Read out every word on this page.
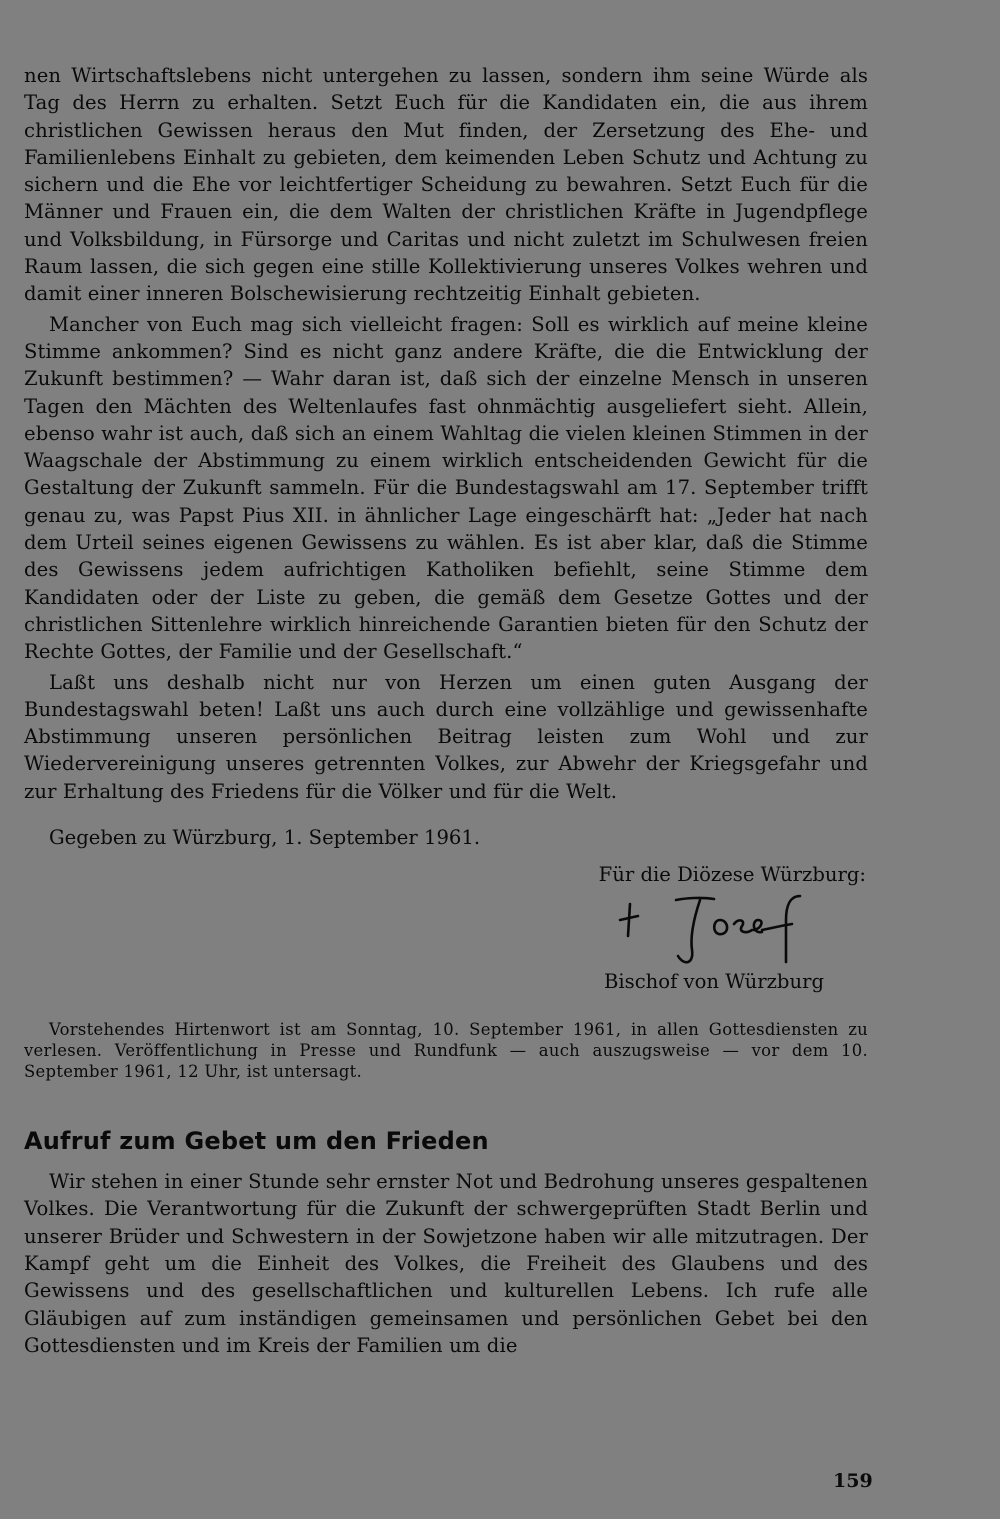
nen Wirtschaftslebens nicht untergehen zu lassen, sondern ihm seine Würde als Tag des Herrn zu erhalten. Setzt Euch für die Kandidaten ein, die aus ihrem christlichen Gewissen heraus den Mut finden, der Zersetzung des Ehe- und Familienlebens Einhalt zu gebieten, dem keimenden Leben Schutz und Achtung zu sichern und die Ehe vor leichtfertiger Scheidung zu bewahren. Setzt Euch für die Männer und Frauen ein, die dem Walten der christlichen Kräfte in Jugendpflege und Volksbildung, in Fürsorge und Caritas und nicht zuletzt im Schulwesen freien Raum lassen, die sich gegen eine stille Kollektivierung unseres Volkes wehren und damit einer inneren Bolschewisierung rechtzeitig Einhalt gebieten.

Mancher von Euch mag sich vielleicht fragen: Soll es wirklich auf meine kleine Stimme ankommen? Sind es nicht ganz andere Kräfte, die die Entwicklung der Zukunft bestimmen? — Wahr daran ist, daß sich der einzelne Mensch in unseren Tagen den Mächten des Weltenlaufes fast ohnmächtig ausgeliefert sieht. Allein, ebenso wahr ist auch, daß sich an einem Wahltag die vielen kleinen Stimmen in der Waagschale der Abstimmung zu einem wirklich entscheidenden Gewicht für die Gestaltung der Zukunft sammeln. Für die Bundestagswahl am 17. September trifft genau zu, was Papst Pius XII. in ähnlicher Lage eingeschärft hat: „Jeder hat nach dem Urteil seines eigenen Gewissens zu wählen. Es ist aber klar, daß die Stimme des Gewissens jedem aufrichtigen Katholiken befiehlt, seine Stimme dem Kandidaten oder der Liste zu geben, die gemäß dem Gesetze Gottes und der christlichen Sittenlehre wirklich hinreichende Garantien bieten für den Schutz der Rechte Gottes, der Familie und der Gesellschaft.“

Laßt uns deshalb nicht nur von Herzen um einen guten Ausgang der Bundestagswahl beten! Laßt uns auch durch eine vollzählige und gewissenhafte Abstimmung unseren persönlichen Beitrag leisten zum Wohl und zur Wiedervereinigung unseres getrennten Volkes, zur Abwehr der Kriegsgefahr und zur Erhaltung des Friedens für die Völker und für die Welt.

Gegeben zu Würzburg, 1. September 1961.

Für die Diözese Würzburg:

Bischof von Würzburg

Vorstehendes Hirtenwort ist am Sonntag, 10. September 1961, in allen Gottesdiensten zu verlesen. Veröffentlichung in Presse und Rundfunk — auch auszugsweise — vor dem 10. September 1961, 12 Uhr, ist untersagt.

Aufruf zum Gebet um den Frieden

Wir stehen in einer Stunde sehr ernster Not und Bedrohung unseres gespaltenen Volkes. Die Verantwortung für die Zukunft der schwergeprüften Stadt Berlin und unserer Brüder und Schwestern in der Sowjetzone haben wir alle mitzutragen. Der Kampf geht um die Einheit des Volkes, die Freiheit des Glaubens und des Gewissens und des gesellschaftlichen und kulturellen Lebens. Ich rufe alle Gläubigen auf zum inständigen gemeinsamen und persönlichen Gebet bei den Gottesdiensten und im Kreis der Familien um die

159
